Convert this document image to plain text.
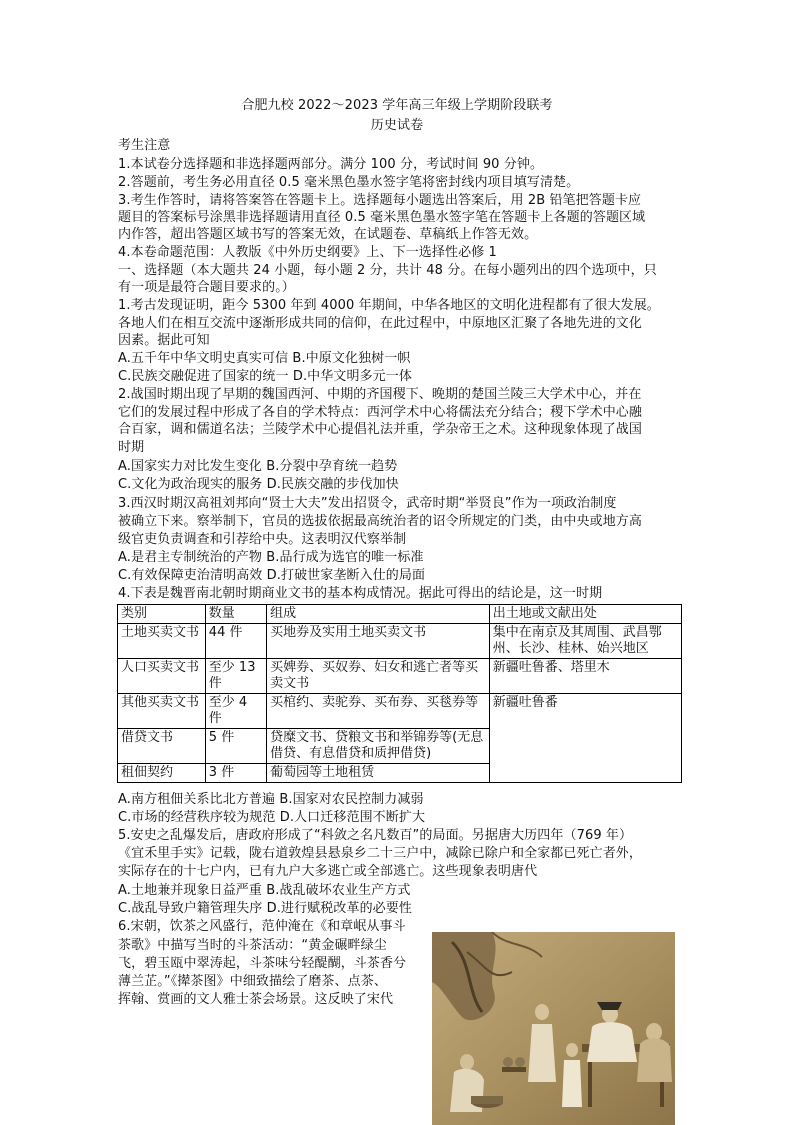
合肥九校 2022～2023 学年高三年级上学期阶段联考
历史试卷
考生注意
1.本试卷分选择题和非选择题两部分。满分 100 分，考试时间 90 分钟。
2.答题前，考生务必用直径 0.5 毫米黑色墨水签字笔将密封线内项目填写清楚。
3.考生作答时，请将答案答在答题卡上。选择题每小题选出答案后，用 2B 铅笔把答题卡应
题目的答案标号涂黑非选择题请用直径 0.5 毫米黑色墨水签字笔在答题卡上各题的答题区域
内作答，超出答题区域书写的答案无效，在试题卷、草稿纸上作答无效。
4.本卷命题范围：人教版《中外历史纲要》上、下一选择性必修 1
一、选择题（本大题共 24 小题，每小题 2 分，共计 48 分。在每小题列出的四个选项中，只
有一项是最符合题目要求的。）
1.考古发现证明，距今 5300 年到 4000 年期间，中华各地区的文明化进程都有了很大发展。
各地人们在相互交流中逐渐形成共同的信仰，在此过程中，中原地区汇聚了各地先进的文化
因素。据此可知
A.五千年中华文明史真实可信 B.中原文化独树一帜
C.民族交融促进了国家的统一 D.中华文明多元一体
2.战国时期出现了早期的魏国西河、中期的齐国稷下、晚期的楚国兰陵三大学术中心，并在
它们的发展过程中形成了各自的学术特点：西河学术中心将儒法充分结合；稷下学术中心融
合百家，调和儒道名法；兰陵学术中心提倡礼法并重，学杂帝王之术。这种现象体现了战国
时期
A.国家实力对比发生变化 B.分裂中孕育统一趋势
C.文化为政治现实的服务 D.民族交融的步伐加快
3.西汉时期汉高祖刘邦向“贤士大夫”发出招贤令，武帝时期“举贤良”作为一项政治制度
被确立下来。察举制下，官员的选拔依据最高统治者的诏令所规定的门类，由中央或地方高
级官吏负责调查和引荐给中央。这表明汉代察举制
A.是君主专制统治的产物 B.品行成为选官的唯一标准
C.有效保障吏治清明高效 D.打破世家垄断入仕的局面
4.下表是魏晋南北朝时期商业文书的基本构成情况。据此可得出的结论是，这一时期
类别	数量	组成	出土地或文献出处
土地买卖文书	44 件	买地券及实用土地买卖文书	集中在南京及其周围、武昌鄂州、长沙、桂林、始兴地区
人口买卖文书	至少 13 件	买婢券、买奴券、妇女和逃亡者等买卖文书	新疆吐鲁番、塔里木
其他买卖文书	至少 4 件	买棺约、卖驼券、买布券、买毯券等	新疆吐鲁番
借贷文书	5 件	贷糜文书、贷粮文书和举锦券等(无息借贷、有息借贷和质押借贷)	
租佃契约	3 件	葡萄园等土地租赁	
A.南方租佃关系比北方普遍 B.国家对农民控制力减弱
C.市场的经营秩序较为规范 D.人口迁移范围不断扩大
5.安史之乱爆发后，唐政府形成了“科敛之名凡数百”的局面。另据唐大历四年（769 年）
《宜禾里手实》记载，陇右道敦煌县悬泉乡二十三户中，减除已除户和全家都已死亡者外，
实际存在的十七户内，已有九户大多逃亡或全部逃亡。这些现象表明唐代
A.土地兼并现象日益严重 B.战乱破坏农业生产方式
C.战乱导致户籍管理失序 D.进行赋税改革的必要性
6.宋朝，饮茶之风盛行，范仲淹在《和章岷从事斗
茶歌》中描写当时的斗茶活动：“黄金碾畔绿尘
飞，碧玉瓯中翠涛起，斗茶味兮轻醍醐，斗茶香兮
薄兰芷。”《撵茶图》中细致描绘了磨茶、点茶、
挥翰、赏画的文人雅士茶会场景。这反映了宋代
